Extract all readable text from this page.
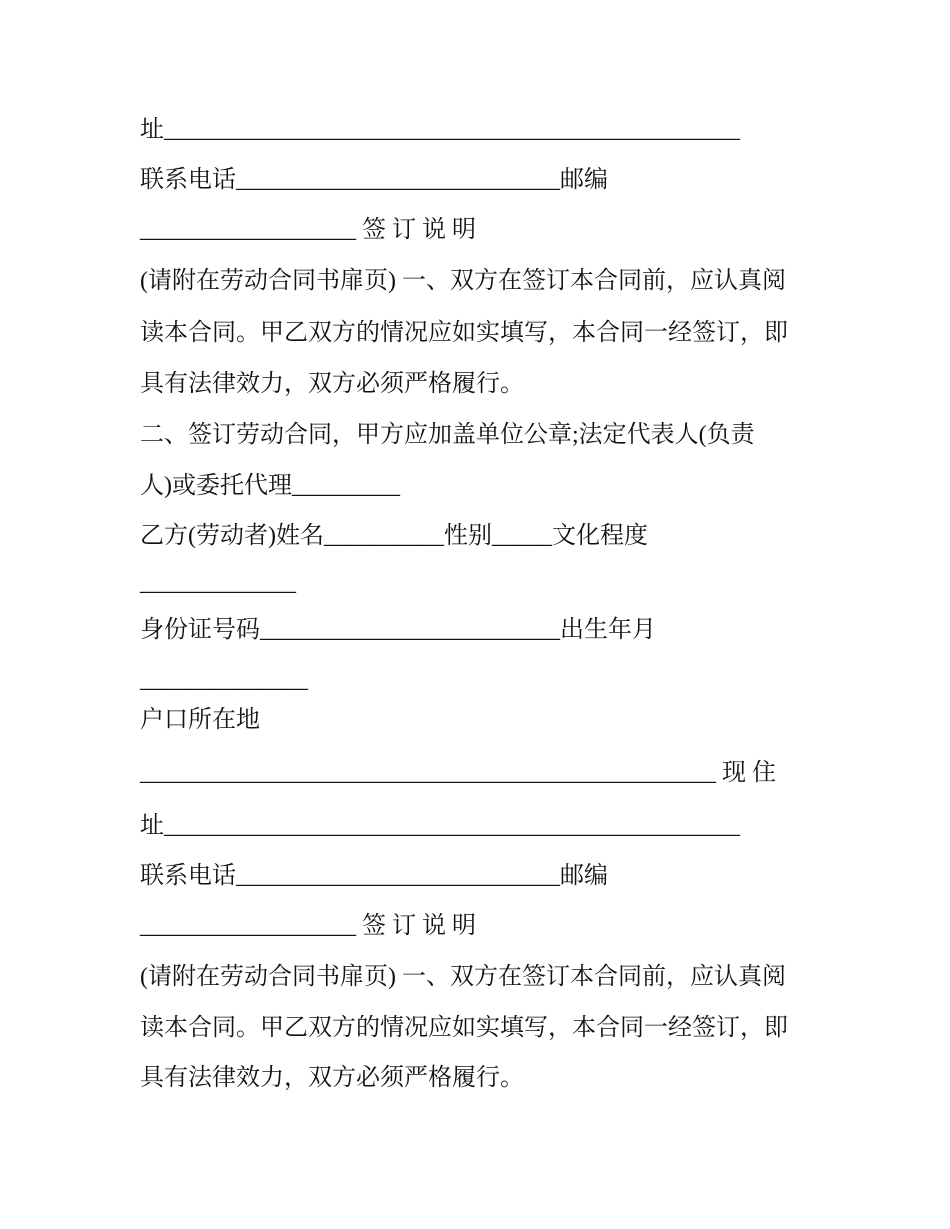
址________________________________________________
联系电话___________________________邮编
__________________ 签 订 说 明
(请附在劳动合同书扉页) 一、双方在签订本合同前，应认真阅
读本合同。甲乙双方的情况应如实填写，本合同一经签订，即
具有法律效力，双方必须严格履行。
二、签订劳动合同，甲方应加盖单位公章;法定代表人(负责
人)或委托代理_________
乙方(劳动者)姓名__________性别_____文化程度
_____________
身份证号码_________________________出生年月
______________
户口所在地
________________________________________________ 现 住
址________________________________________________
联系电话___________________________邮编
__________________ 签 订 说 明
(请附在劳动合同书扉页) 一、双方在签订本合同前，应认真阅
读本合同。甲乙双方的情况应如实填写，本合同一经签订，即
具有法律效力，双方必须严格履行。
